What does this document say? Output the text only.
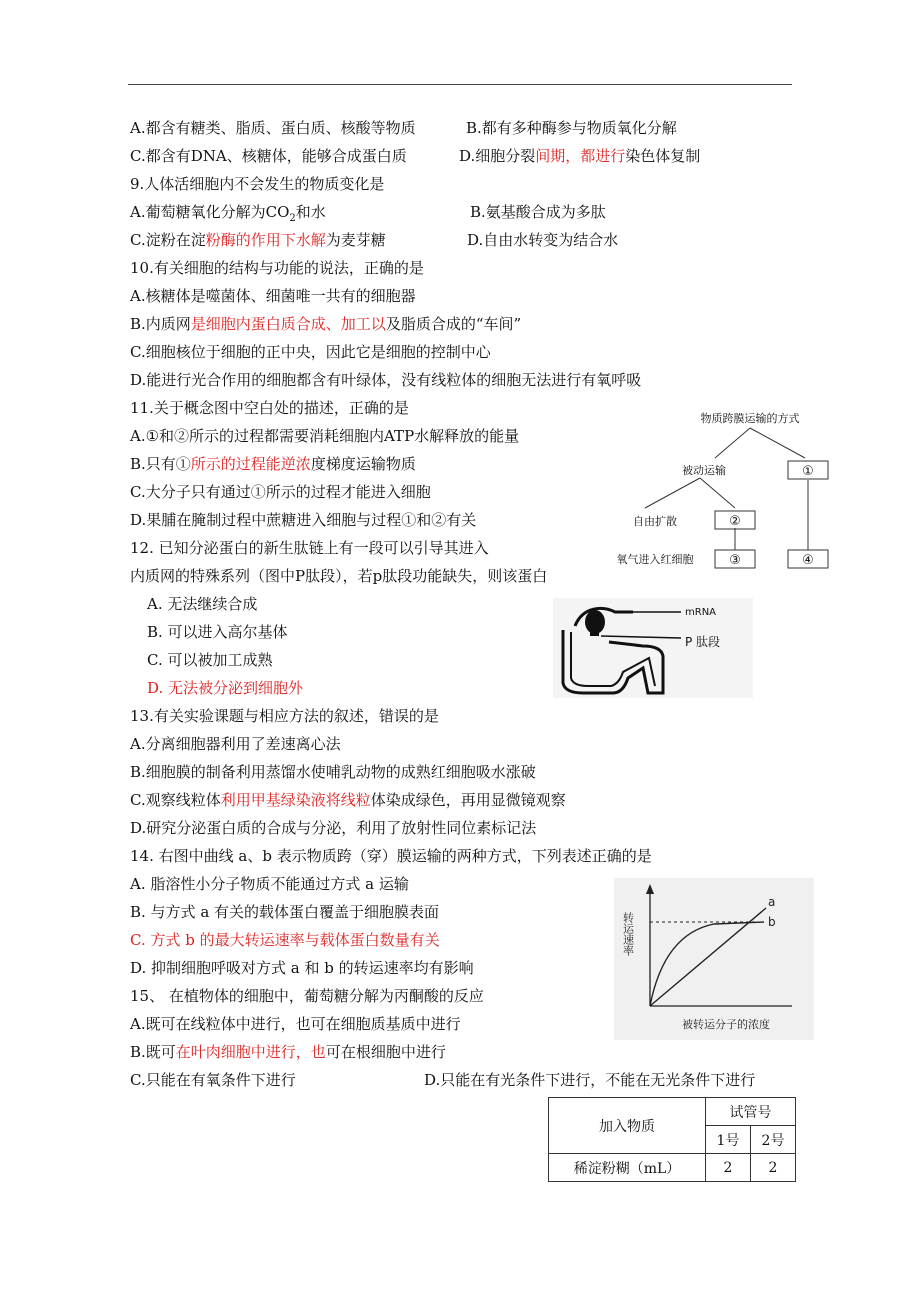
A.都含有糖类、脂质、蛋白质、核酸等物质	B.都有多种酶参与物质氧化分解
C.都含有DNA、核糖体，能够合成蛋白质	D.细胞分裂间期，都进行染色体复制
9.人体活细胞内不会发生的物质变化是
A.葡萄糖氧化分解为$CO_2$和水	B.氨基酸合成为多肽
C.淀粉在淀粉酶的作用下水解为麦芽糖	D.自由水转变为结合水
10.有关细胞的结构与功能的说法，正确的是
A.核糖体是噬菌体、细菌唯一共有的细胞器
B.内质网是细胞内蛋白质合成、加工以及脂质合成的“车间”
C.细胞核位于细胞的正中央，因此它是细胞的控制中心
D.能进行光合作用的细胞都含有叶绿体，没有线粒体的细胞无法进行有氧呼吸
11.关于概念图中空白处的描述，正确的是
A.①和②所示的过程都需要消耗细胞内ATP水解释放的能量
B.只有①所示的过程能逆浓度梯度运输物质
C.大分子只有通过①所示的过程才能进入细胞
D.果脯在腌制过程中蔗糖进入细胞与过程①和②有关
物质跨膜运输的方式
被动运输	①
自由扩散	②
氧气进入红细胞	③	④
12. 已知分泌蛋白的新生肽链上有一段可以引导其进入
内质网的特殊系列（图中P肽段），若p肽段功能缺失，则该蛋白
A. 无法继续合成
B. 可以进入高尔基体
C. 可以被加工成熟
D. 无法被分泌到细胞外
mRNA
P 肽段
13.有关实验课题与相应方法的叙述，错误的是
A.分离细胞器利用了差速离心法
B.细胞膜的制备利用蒸馏水使哺乳动物的成熟红细胞吸水涨破
C.观察线粒体利用甲基绿染液将线粒体染成绿色，再用显微镜观察
D.研究分泌蛋白质的合成与分泌，利用了放射性同位素标记法
14. 右图中曲线 a、b 表示物质跨（穿）膜运输的两种方式，下列表述正确的是
A. 脂溶性小分子物质不能通过方式 a 运输
B. 与方式 a 有关的载体蛋白覆盖于细胞膜表面
C. 方式 b 的最大转运速率与载体蛋白数量有关
D. 抑制细胞呼吸对方式 a 和 b 的转运速率均有影响
a
b
转运速率
被转运分子的浓度
15、 在植物体的细胞中，葡萄糖分解为丙酮酸的反应
A.既可在线粒体中进行，也可在细胞质基质中进行
B.既可在叶肉细胞中进行，也可在根细胞中进行
C.只能在有氧条件下进行	D.只能在有光条件下进行，不能在无光条件下进行
加入物质	试管号	
	1号	2号
稀淀粉糊（mL）	2	2
